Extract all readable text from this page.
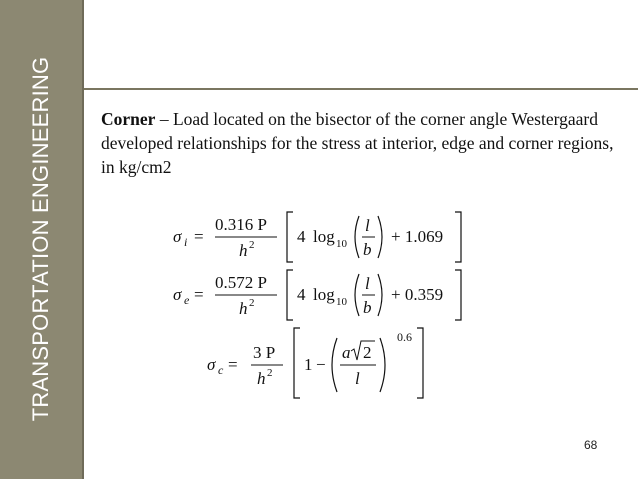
TRANSPORTATION ENGINEERING	Corner – Load located on the bisector of the corner angle Westergaard developed relationships for the stress at interior, edge and corner regions, in kg/cm2
σ i =
0.316 P
h 2	4 log 10
l
b
+ 1.069
σ e =
0.572 P
h 2	4 log 10
l
b
+ 0.359
σ c =
3 P
h 2 1 −
a 2
l
0.6
68
